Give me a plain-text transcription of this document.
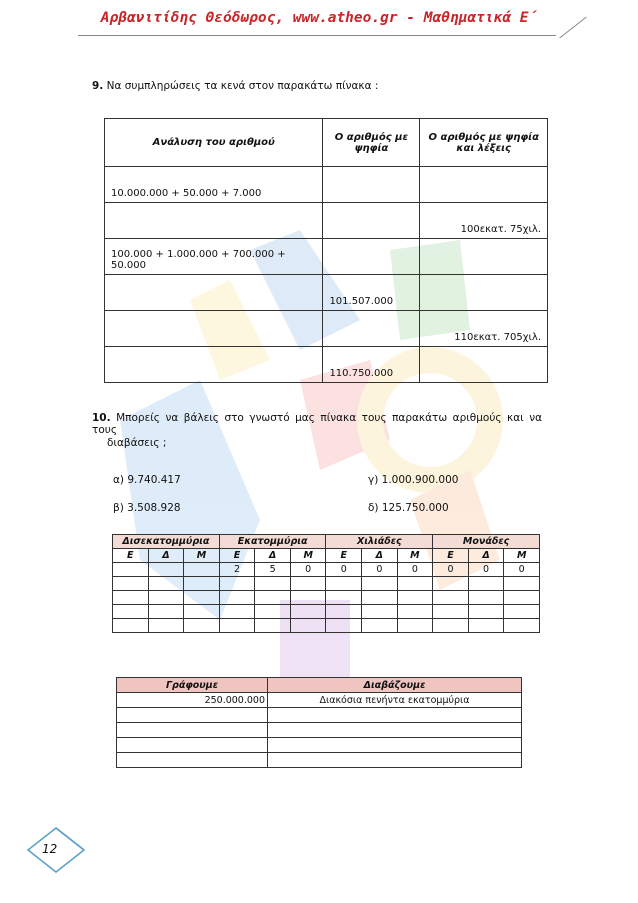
Αρβανιτίδης Θεόδωρος, www.atheo.gr - Μαθηματικά Ε΄
9. Να συμπληρώσεις τα κενά στον παρακάτω πίνακα :
Ανάλυση του αριθμού	Ο αριθμός με ψηφία	Ο αριθμός με ψηφία και λέξεις
10.000.000 + 50.000 + 7.000		
		100εκατ. 75χιλ.
100.000 + 1.000.000 + 700.000 + 50.000		
	101.507.000	
		110εκατ. 705χιλ.
	110.750.000	
10. Μπορείς να βάλεις στο γνωστό μας πίνακα τους παρακάτω αριθμούς και να τους
διαβάσεις ;
α) 9.740.417	γ) 1.000.900.000
β) 3.508.928	δ) 125.750.000
Δισεκατομμύρια			Εκατομμύρια			Χιλιάδες			Μονάδες		
Ε	Δ	Μ	Ε	Δ	Μ	Ε	Δ	Μ	Ε	Δ	Μ
			2	5	0	0	0	0	0	0	0

Γράφουμε	Διαβάζουμε
250.000.000	Διακόσια πενήντα εκατομμύρια

12
